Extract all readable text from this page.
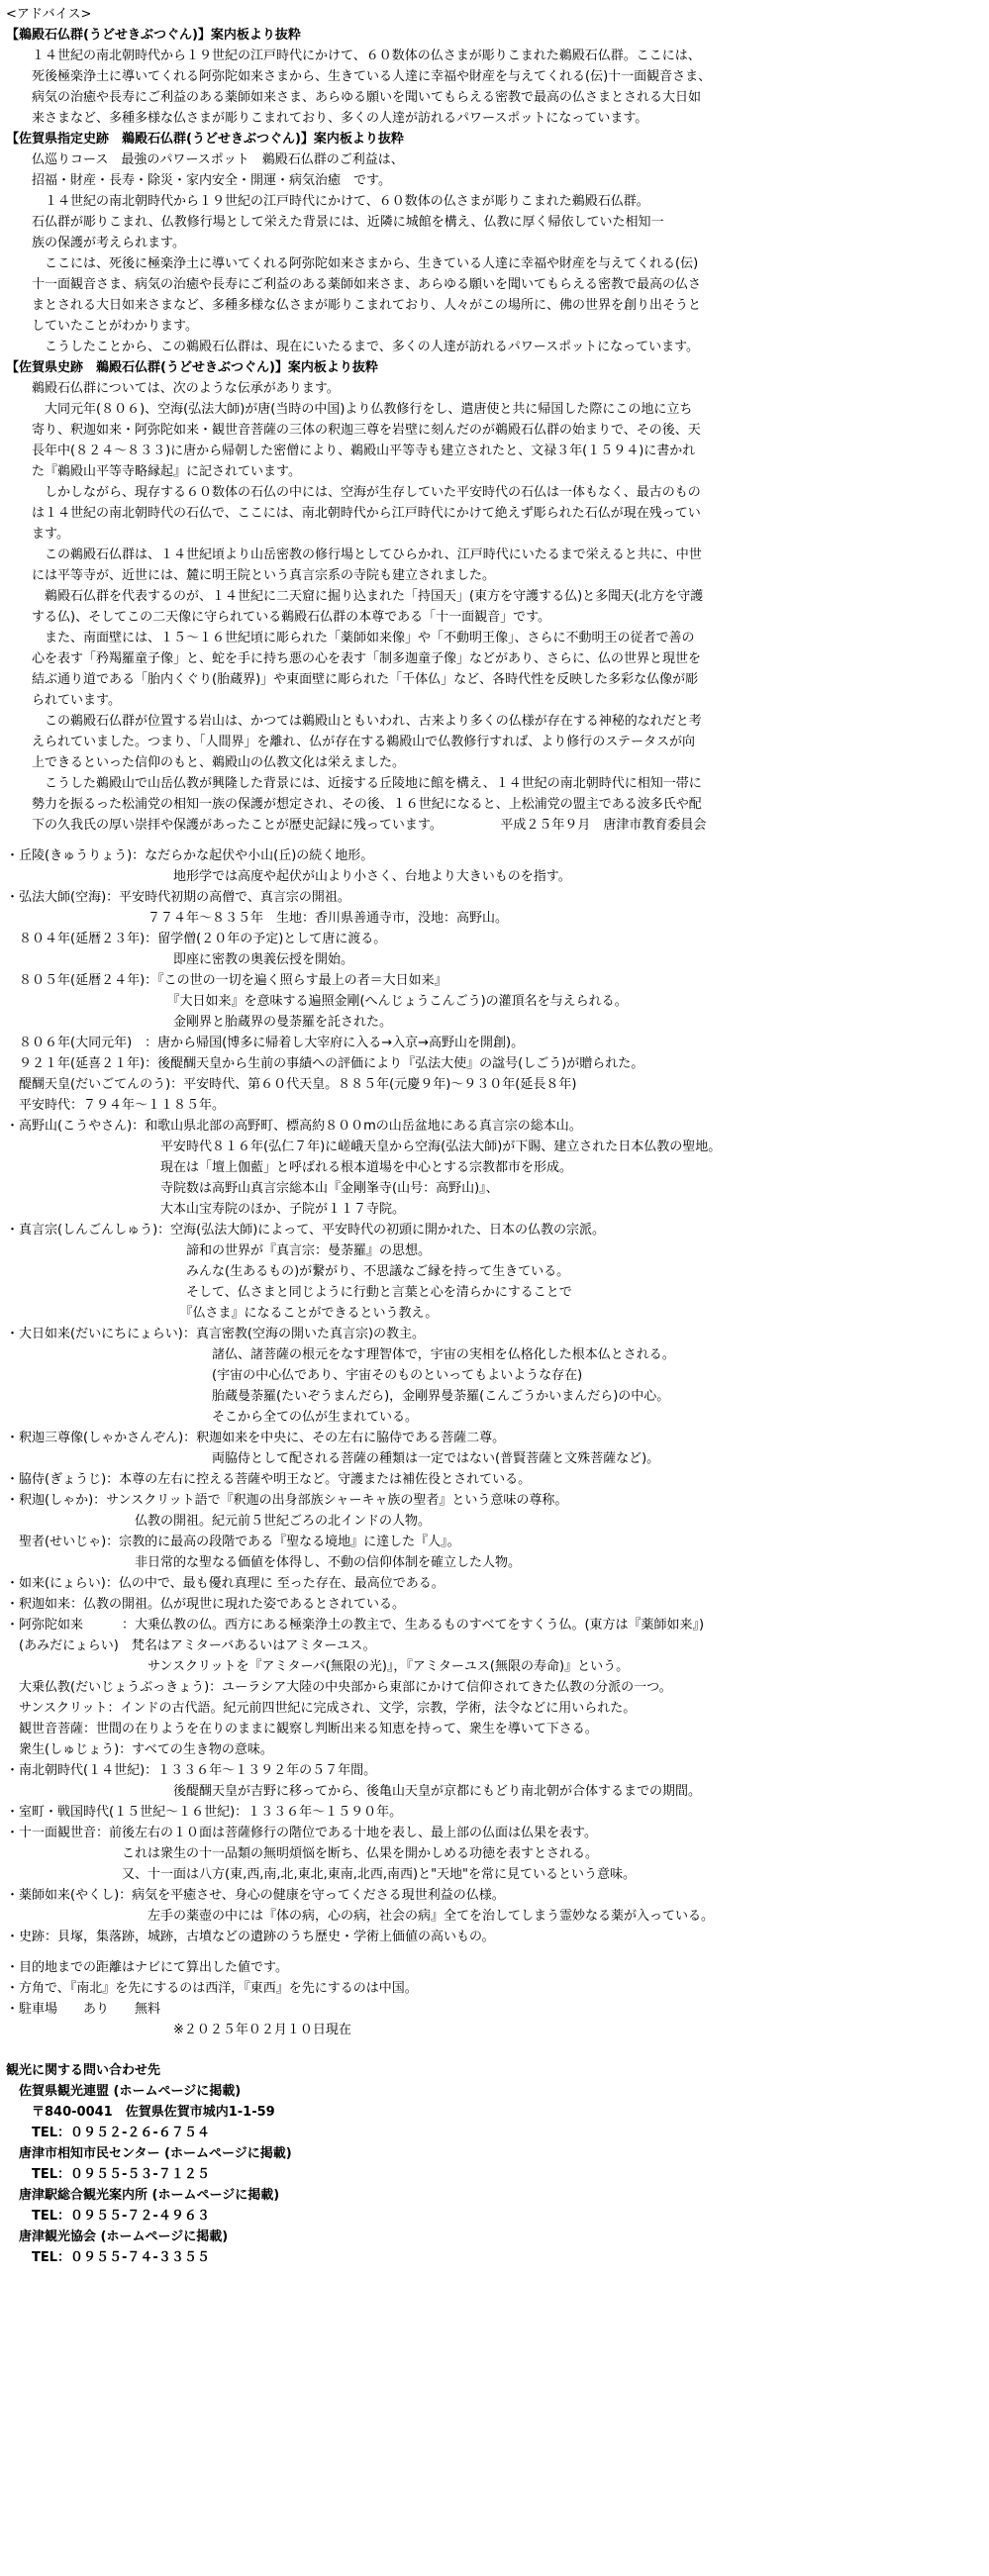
<アドバイス>
【鵜殿石仏群(うどせきぶつぐん)】案内板より抜粋
　　１４世紀の南北朝時代から１９世紀の江戸時代にかけて、６０数体の仏さまが彫りこまれた鵜殿石仏群。ここには、
　　死後極楽浄土に導いてくれる阿弥陀如来さまから、生きている人達に幸福や財産を与えてくれる(伝)十一面観音さま、
　　病気の治癒や長寿にご利益のある薬師如来さま、あらゆる願いを聞いてもらえる密教で最高の仏さまとされる大日如
　　来さまなど、多種多様な仏さまが彫りこまれており、多くの人達が訪れるパワースポットになっています。
【佐賀県指定史跡　鵜殿石仏群(うどせきぶつぐん)】案内板より抜粋
　　仏巡りコース　最強のパワースポット　鵜殿石仏群のご利益は、
　　招福・財産・長寿・除災・家内安全・開運・病気治癒　です。
　　　１４世紀の南北朝時代から１９世紀の江戸時代にかけて、６０数体の仏さまが彫りこまれた鵜殿石仏群。
　　石仏群が彫りこまれ、仏教修行場として栄えた背景には、近隣に城館を構え、仏教に厚く帰依していた相知一
　　族の保護が考えられます。
　　　ここには、死後に極楽浄土に導いてくれる阿弥陀如来さまから、生きている人達に幸福や財産を与えてくれる(伝)
　　十一面観音さま、病気の治癒や長寿にご利益のある薬師如来さま、あらゆる願いを聞いてもらえる密教で最高の仏さ
　　まとされる大日如来さまなど、多種多様な仏さまが彫りこまれており、人々がこの場所に、佛の世界を創り出そうと
　　していたことがわかります。
　　　こうしたことから、この鵜殿石仏群は、現在にいたるまで、多くの人達が訪れるパワースポットになっています。
【佐賀県史跡　鵜殿石仏群(うどせきぶつぐん)】案内板より抜粋
　　鵜殿石仏群については、次のような伝承があります。
　　　大同元年(８０６)、空海(弘法大師)が唐(当時の中国)より仏教修行をし、遣唐使と共に帰国した際にこの地に立ち
　　寄り、釈迦如来・阿弥陀如来・観世音菩薩の三体の釈迦三尊を岩壁に刻んだのが鵜殿石仏群の始まりで、その後、天
　　長年中(８２４～８３３)に唐から帰朝した密僧により、鵜殿山平等寺も建立されたと、文禄３年(１５９４)に書かれ
　　た『鵜殿山平等寺略縁起』に記されています。
　　　しかしながら、現存する６０数体の石仏の中には、空海が生存していた平安時代の石仏は一体もなく、最古のもの
　　は１４世紀の南北朝時代の石仏で、ここには、南北朝時代から江戸時代にかけて絶えず彫られた石仏が現在残ってい
　　ます。
　　　この鵜殿石仏群は、１４世紀頃より山岳密教の修行場としてひらかれ、江戸時代にいたるまで栄えると共に、中世
　　には平等寺が、近世には、麓に明王院という真言宗系の寺院も建立されました。
　　　鵜殿石仏群を代表するのが、１４世紀に二天窟に掘り込まれた「持国天」(東方を守護する仏)と多聞天(北方を守護
　　する仏)、そしてこの二天像に守られている鵜殿石仏群の本尊である「十一面観音」です。
　　　また、南面壁には、１５～１６世紀頃に彫られた「薬師如来像」や「不動明王像」、さらに不動明王の従者で善の
　　心を表す「矜羯羅童子像」と、蛇を手に持ち悪の心を表す「制多迦童子像」などがあり、さらに、仏の世界と現世を
　　結ぶ通り道である「胎内くぐり(胎蔵界)」や東面壁に彫られた「千体仏」など、各時代性を反映した多彩な仏像が彫
　　られています。
　　　この鵜殿石仏群が位置する岩山は、かつては鵜殿山ともいわれ、古来より多くの仏様が存在する神秘的なれだと考
　　えられていました。つまり、「人間界」を離れ、仏が存在する鵜殿山で仏教修行すれば、より修行のステータスが向
　　上できるといった信仰のもと、鵜殿山の仏教文化は栄えました。
　　　こうした鵜殿山で山岳仏教が興隆した背景には、近接する丘陵地に館を構え、１４世紀の南北朝時代に相知一帯に
　　勢力を振るった松浦党の相知一族の保護が想定され、その後、１６世紀になると、上松浦党の盟主である波多氏や配
　　下の久我氏の厚い崇拝や保護があったことが歴史記録に残っています。　　　　　平成２５年９月　唐津市教育委員会
・丘陵(きゅうりょう)：なだらかな起伏や小山(丘)の続く地形。
　　　　　　　　　　　　　地形学では高度や起伏が山より小さく、台地より大きいものを指す。
・弘法大師(空海)：平安時代初期の高僧で、真言宗の開祖。
　　　　　　　　　　　７７４年～８３５年　生地：香川県善通寺市，没地：高野山。
　８０４年(延暦２３年)：留学僧(２０年の予定)として唐に渡る。
　　　　　　　　　　　　　即座に密教の奥義伝授を開始。
　８０５年(延暦２４年)：『この世の一切を遍く照らす最上の者＝大日如来』
　　　　　　　　　　　　　『大日如来』を意味する遍照金剛(へんじょうこんごう)の灌頂名を与えられる。
　　　　　　　　　　　　　金剛界と胎蔵界の曼荼羅を託された。
　８０６年(大同元年)　：唐から帰国(博多に帰着し大宰府に入る→入京→高野山を開創)。
　９２１年(延喜２１年)：後醍醐天皇から生前の事績への評価により『弘法大使』の諡号(しごう)が贈られた。
　醍醐天皇(だいごてんのう)：平安時代、第６０代天皇。８８５年(元慶９年)～９３０年(延長８年)
　平安時代：７９４年～１１８５年。
・高野山(こうやさん)：和歌山県北部の高野町、標高約８００mの山岳盆地にある真言宗の総本山。
　　　　　　　　　　　　平安時代８１６年(弘仁７年)に嵯峨天皇から空海(弘法大師)が下賜、建立された日本仏教の聖地。
　　　　　　　　　　　　現在は「壇上伽藍」と呼ばれる根本道場を中心とする宗教都市を形成。
　　　　　　　　　　　　寺院数は高野山真言宗総本山『金剛峯寺(山号：高野山)』、
　　　　　　　　　　　　大本山宝寿院のほか、子院が１１７寺院。
・真言宗(しんごんしゅう)：空海(弘法大師)によって、平安時代の初頭に開かれた、日本の仏教の宗派。
　　　　　　　　　　　　　　諦和の世界が『真言宗：曼荼羅』の思想。
　　　　　　　　　　　　　　みんな(生あるもの)が繋がり、不思議なご縁を持って生きている。
　　　　　　　　　　　　　　そして、仏さまと同じように行動と言葉と心を清らかにすることで
　　　　　　　　　　　　　　『仏さま』になることができるという教え。
・大日如来(だいにちにょらい)：真言密教(空海の開いた真言宗)の教主。
　　　　　　　　　　　　　　　　諸仏、諸菩薩の根元をなす理智体で，宇宙の実相を仏格化した根本仏とされる。
　　　　　　　　　　　　　　　　(宇宙の中心仏であり、宇宙そのものといってもよいような存在)
　　　　　　　　　　　　　　　　胎蔵曼荼羅(たいぞうまんだら)，金剛界曼荼羅(こんごうかいまんだら)の中心。
　　　　　　　　　　　　　　　　そこから全ての仏が生まれている。
・釈迦三尊像(しゃかさんぞん)：釈迦如来を中央に、その左右に脇侍である菩薩二尊。
　　　　　　　　　　　　　　　　両脇侍として配される菩薩の種類は一定ではない(普賢菩薩と文殊菩薩など)。
・脇侍(ぎょうじ)：本尊の左右に控える菩薩や明王など。守護または補佐役とされている。
・釈迦(しゃか)：サンスクリット語で『釈迦の出身部族シャーキャ族の聖者』という意味の尊称。
　　　　　　　　　　仏教の開祖。紀元前５世紀ごろの北インドの人物。
　聖者(せいじゃ)：宗教的に最高の段階である『聖なる境地』に達した『人』。
　　　　　　　　　　非日常的な聖なる価値を体得し、不動の信仰体制を確立した人物。
・如来(にょらい)：仏の中で、最も優れ真理に 至った存在、最高位である。
・釈迦如来：仏教の開祖。仏が現世に現れた姿であるとされている。
・阿弥陀如来　　　：大乗仏教の仏。西方にある極楽浄土の教主で、生あるものすべてをすくう仏。(東方は『薬師如来』)
　(あみだにょらい)　梵名はアミターバあるいはアミターユス。
　　　　　　　　　　　サンスクリットを『アミターバ(無限の光)』，『アミターユス(無限の寿命)』という。
　大乗仏教(だいじょうぶっきょう)：ユーラシア大陸の中央部から東部にかけて信仰されてきた仏教の分派の一つ。
　サンスクリット：インドの古代語。紀元前四世紀に完成され、文学，宗教，学術，法令などに用いられた。
　観世音菩薩：世間の在りようを在りのままに観察し判断出来る知恵を持って、衆生を導いて下さる。
　衆生(しゅじょう)：すべての生き物の意味。
・南北朝時代(１４世紀)：１３３６年～１３９２年の５７年間。
　　　　　　　　　　　　　後醍醐天皇が吉野に移ってから、後亀山天皇が京都にもどり南北朝が合体するまでの期間。
・室町・戦国時代(１５世紀～１６世紀)：１３３６年～１５９０年。
・十一面観世音：前後左右の１０面は菩薩修行の階位である十地を表し、最上部の仏面は仏果を表す。
　　　　　　　　　これは衆生の十一品類の無明煩悩を断ち、仏果を開かしめる功徳を表すとされる。
　　　　　　　　　又、十一面は八方(東,西,南,北,東北,東南,北西,南西)と"天地"を常に見ているという意味。
・薬師如来(やくし)：病気を平癒させ、身心の健康を守ってくださる現世利益の仏様。
　　　　　　　　　　　左手の薬壺の中には『体の病，心の病，社会の病』全てを治してしまう霊妙なる薬が入っている。
・史跡：貝塚，集落跡，城跡，古墳などの遺跡のうち歴史・学術上価値の高いもの。
・目的地までの距離はナビにて算出した値です。
・方角で、『南北』を先にするのは西洋，『東西』を先にするのは中国。
・駐車場　　あり　　無料
　　　　　　　　　　　　　※２０２５年０２月１０日現在
観光に関する問い合わせ先
　佐賀県観光連盟 (ホームページに掲載)
　　〒840-0041　佐賀県佐賀市城内1-1-59
　　TEL：０９５２-２６-６７５４
　唐津市相知市民センター (ホームページに掲載)
　　TEL：０９５５-５３-７１２５
　唐津駅総合観光案内所 (ホームページに掲載)
　　TEL：０９５５-７２-４９６３
　唐津観光協会 (ホームページに掲載)
　　TEL：０９５５-７４-３３５５
